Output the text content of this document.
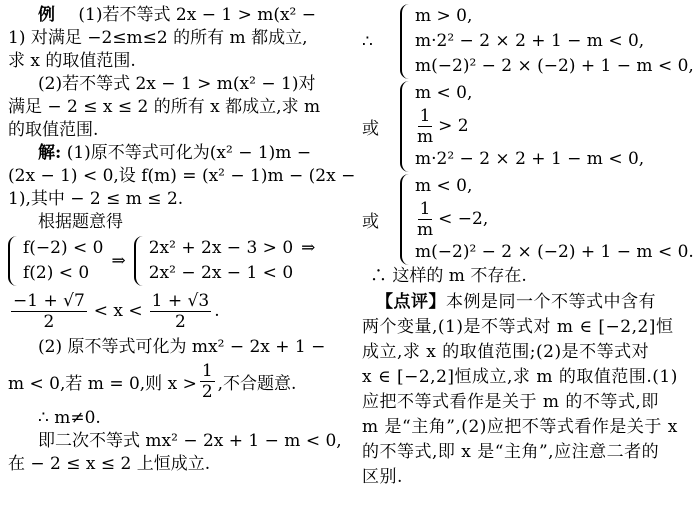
例 (1)若不等式 2x − 1 > m(x² −
1) 对满足 −2≤m≤2 的所有 m 都成立,
求 x 的取值范围.
(2)若不等式 2x − 1 > m(x² − 1)对
满足 − 2 ≤ x ≤ 2 的所有 x 都成立,求 m
的取值范围.
解: (1)原不等式可化为(x² − 1)m −
(2x − 1) < 0,设 f(m) = (x² − 1)m − (2x −
1),其中 − 2 ≤ m ≤ 2.
根据题意得
f(−2) < 0
f(2) < 0
⇒
2x² + 2x − 3 > 0
2x² − 2x − 1 < 0
⇒
$\frac{-1 + √7}{2} < x < \frac{1 + √3}{2}$ .
(2) 原不等式可化为 mx² − 2x + 1 −
m < 0,若 m = 0,则 $x > \frac{1}{2}$ ,不合题意.
∴ m≠0.
即二次不等式 mx² − 2x + 1 − m < 0,
在 − 2 ≤ x ≤ 2 上恒成立.
∴
m > 0,
m·2² − 2 × 2 + 1 − m < 0,
m(−2)² − 2 × (−2) + 1 − m < 0,
或
m < 0,
$\frac{1}{m} > 2$
m·2² − 2 × 2 + 1 − m < 0,
或
m < 0,
$\frac{1}{m} < -2$,
m(−2)² − 2 × (−2) + 1 − m < 0.
∴ 这样的 m 不存在.
【点评】本例是同一个不等式中含有
两个变量,(1)是不等式对 m ∈ [−2,2]恒
成立,求 x 的取值范围;(2)是不等式对
x ∈ [−2,2]恒成立,求 m 的取值范围.(1)
应把不等式看作是关于 m 的不等式,即
m 是“主角”,(2)应把不等式看作是关于 x
的不等式,即 x 是“主角”,应注意二者的
区别.
